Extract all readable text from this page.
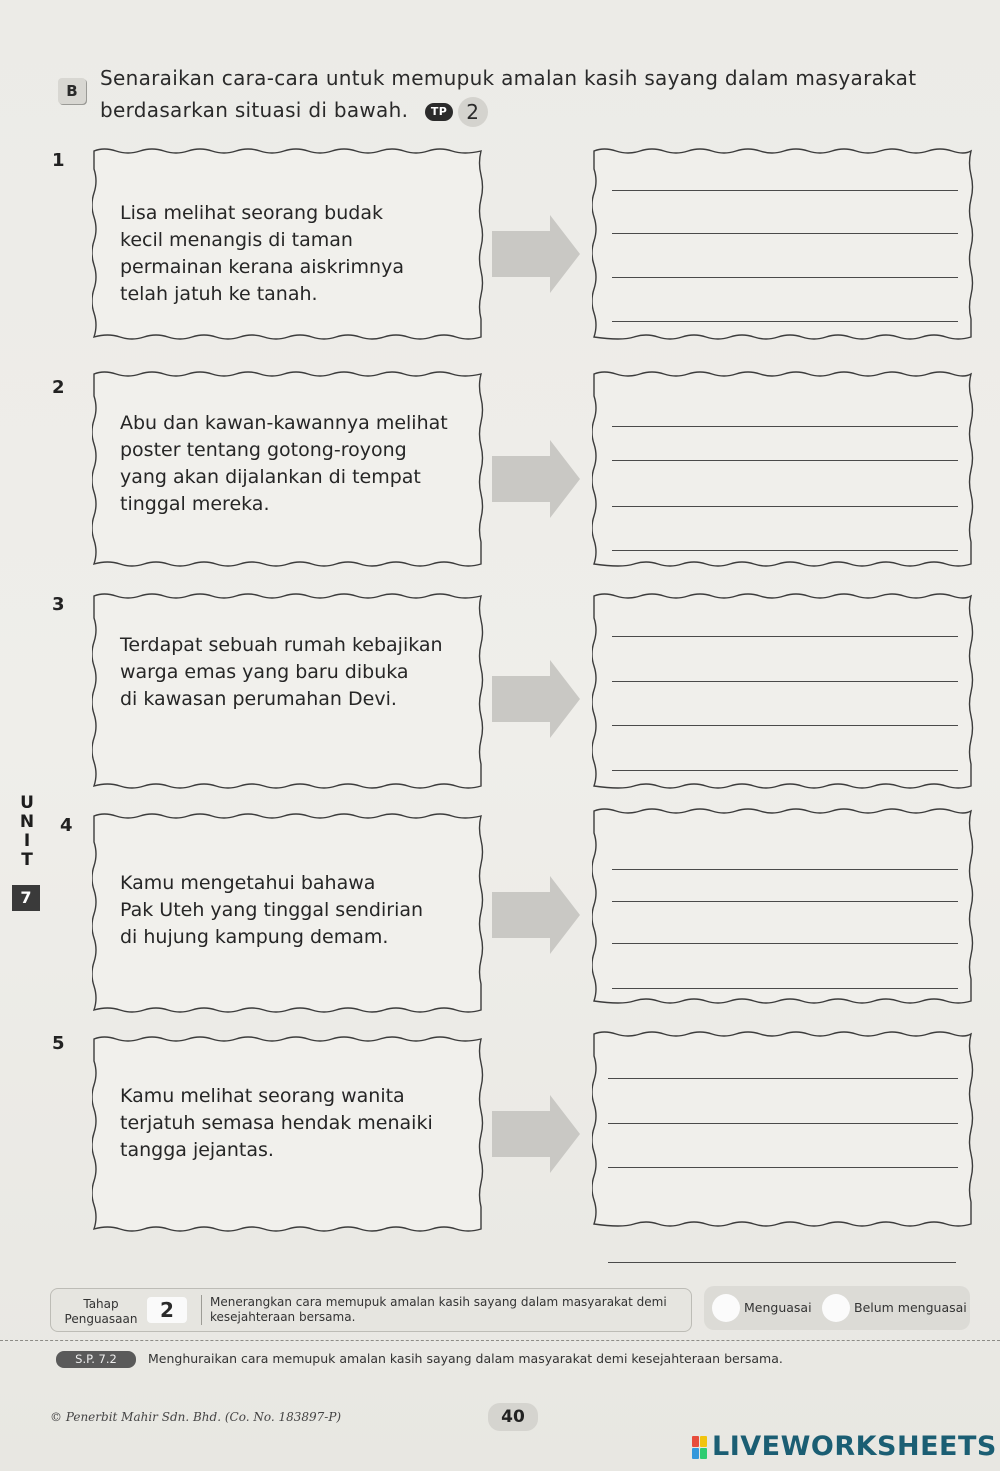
B
Senaraikan cara-cara untuk memupuk amalan kasih sayang dalam masyarakat berdasarkan situasi di bawah. TP 2
1
Lisa melihat seorang budak
kecil menangis di taman
permainan kerana aiskrimnya
telah jatuh ke tanah.
2
Abu dan kawan-kawannya melihat
poster tentang gotong-royong
yang akan dijalankan di tempat
tinggal mereka.
3
Terdapat sebuah rumah kebajikan
warga emas yang baru dibuka
di kawasan perumahan Devi.
4
Kamu mengetahui bahawa
Pak Uteh yang tinggal sendirian
di hujung kampung demam.
5
Kamu melihat seorang wanita
terjatuh semasa hendak menaiki
tangga jejantas.
U
N
I
T
7
Tahap Penguasaan	2	Menerangkan cara memupuk amalan kasih sayang dalam masyarakat demi kesejahteraan bersama.
Menguasai	Belum menguasai
S.P. 7.2	Menghuraikan cara memupuk amalan kasih sayang dalam masyarakat demi kesejahteraan bersama.
© Penerbit Mahir Sdn. Bhd. (Co. No. 183897-P)	40
LIVEWORKSHEETS
